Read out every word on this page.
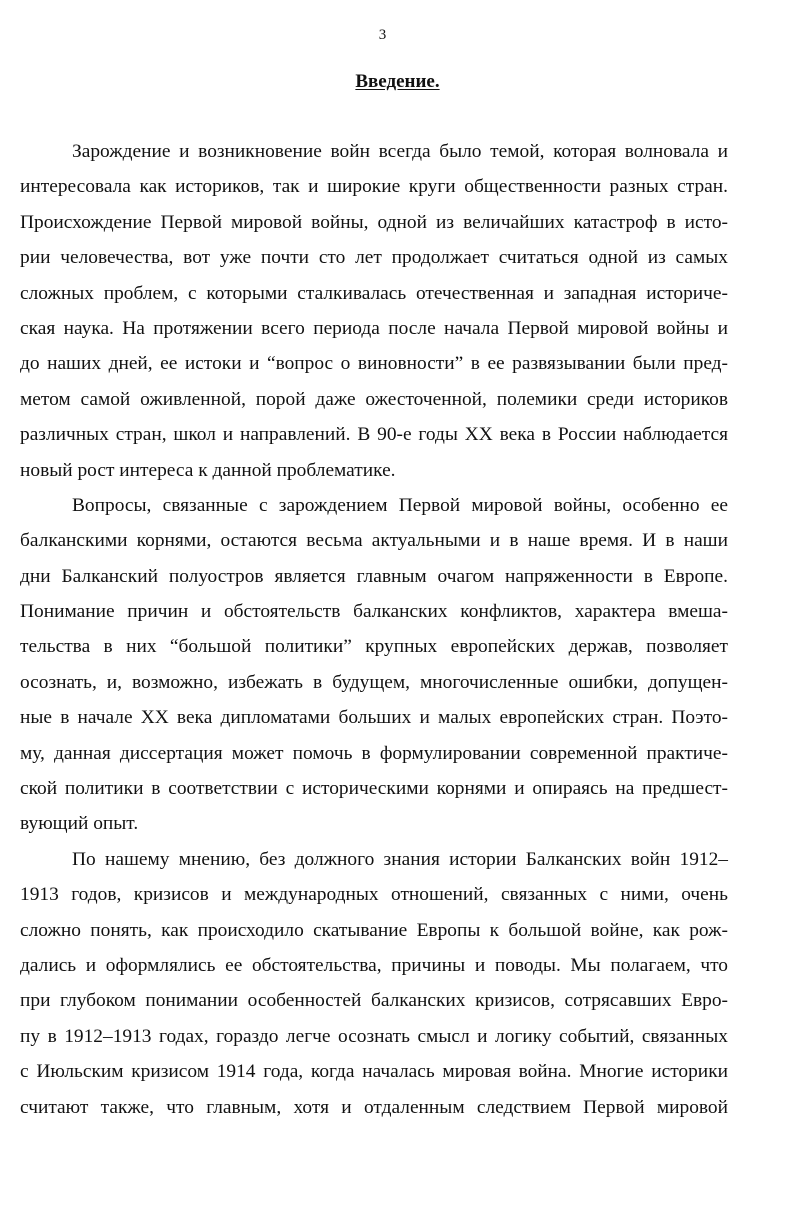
3
Введение.
Зарождение и возникновение войн всегда было темой, которая волновала и
интересовала как историков, так и широкие круги общественности разных стран.
Происхождение Первой мировой войны, одной из величайших катастроф в исто-
рии человечества, вот уже почти сто лет продолжает считаться одной из самых
сложных проблем, с которыми сталкивалась отечественная и западная историче-
ская наука. На протяжении всего периода после начала Первой мировой войны и
до наших дней, ее истоки и “вопрос о виновности” в ее развязывании были пред-
метом самой оживленной, порой даже ожесточенной, полемики среди историков
различных стран, школ и направлений. В 90-е годы XX века в России наблюдается
новый рост интереса к данной проблематике.
Вопросы, связанные с зарождением Первой мировой войны, особенно ее
балканскими корнями, остаются весьма актуальными и в наше время. И в наши
дни Балканский полуостров является главным очагом напряженности в Европе.
Понимание причин и обстоятельств балканских конфликтов, характера вмеша-
тельства в них “большой политики” крупных европейских держав, позволяет
осознать, и, возможно, избежать в будущем, многочисленные ошибки, допущен-
ные в начале XX века дипломатами больших и малых европейских стран. Поэто-
му, данная диссертация может помочь в формулировании современной практиче-
ской политики в соответствии с историческими корнями и опираясь на предшест-
вующий опыт.
По нашему мнению, без должного знания истории Балканских войн 1912–
1913 годов, кризисов и международных отношений, связанных с ними, очень
сложно понять, как происходило скатывание Европы к большой войне, как рож-
дались и оформлялись ее обстоятельства, причины и поводы. Мы полагаем, что
при глубоком понимании особенностей балканских кризисов, сотрясавших Евро-
пу в 1912–1913 годах, гораздо легче осознать смысл и логику событий, связанных
с Июльским кризисом 1914 года, когда началась мировая война. Многие историки
считают также, что главным, хотя и отдаленным следствием Первой мировой
